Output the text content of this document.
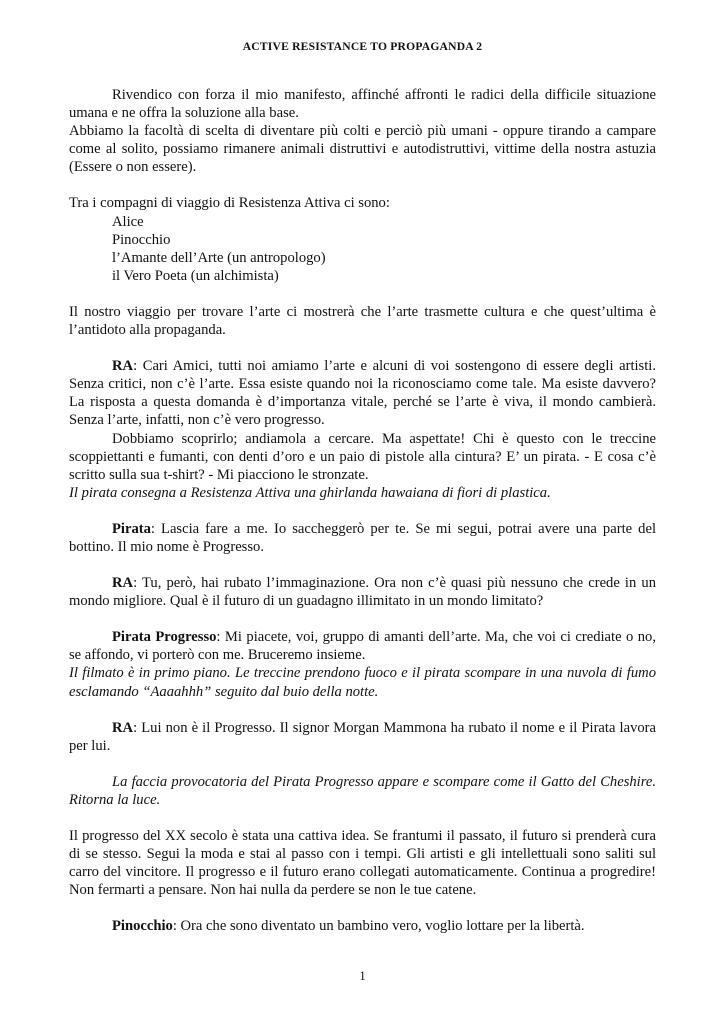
ACTIVE RESISTANCE TO PROPAGANDA 2

Rivendico con forza il mio manifesto, affinché affronti le radici della difficile situazione umana e ne offra la soluzione alla base.

Abbiamo la facoltà di scelta di diventare più colti e perciò più umani - oppure tirando a campare come al solito, possiamo rimanere animali distruttivi e autodistruttivi, vittime della nostra astuzia (Essere o non essere).

Tra i compagni di viaggio di Resistenza Attiva ci sono:

Alice
Pinocchio
l’Amante dell’Arte (un antropologo)
il Vero Poeta (un alchimista)

Il nostro viaggio per trovare l’arte ci mostrerà che l’arte trasmette cultura e che quest’ultima è l’antidoto alla propaganda.

RA: Cari Amici, tutti noi amiamo l’arte e alcuni di voi sostengono di essere degli artisti. Senza critici, non c’è l’arte. Essa esiste quando noi la riconosciamo come tale. Ma esiste davvero? La risposta a questa domanda è d’importanza vitale, perché se l’arte è viva, il mondo cambierà. Senza l’arte, infatti, non c’è vero progresso.

Dobbiamo scoprirlo; andiamola a cercare. Ma aspettate! Chi è questo con le treccine scoppiettanti e fumanti, con denti d’oro e un paio di pistole alla cintura? E’ un pirata. - E cosa c’è scritto sulla sua t-shirt? - Mi piacciono le stronzate.

Il pirata consegna a Resistenza Attiva una ghirlanda hawaiana di fiori di plastica.

Pirata: Lascia fare a me. Io saccheggerò per te. Se mi segui, potrai avere una parte del bottino. Il mio nome è Progresso.

RA: Tu, però, hai rubato l’immaginazione. Ora non c’è quasi più nessuno che crede in un mondo migliore. Qual è il futuro di un guadagno illimitato in un mondo limitato?

Pirata Progresso: Mi piacete, voi, gruppo di amanti dell’arte. Ma, che voi ci crediate o no, se affondo, vi porterò con me. Bruceremo insieme.

Il filmato è in primo piano. Le treccine prendono fuoco e il pirata scompare in una nuvola di fumo esclamando “Aaaahhh” seguito dal buio della notte.

RA: Lui non è il Progresso. Il signor Morgan Mammona ha rubato il nome e il Pirata lavora per lui.

La faccia provocatoria del Pirata Progresso appare e scompare come il Gatto del Cheshire. Ritorna la luce.

Il progresso del XX secolo è stata una cattiva idea. Se frantumi il passato, il futuro si prenderà cura di se stesso. Segui la moda e stai al passo con i tempi. Gli artisti e gli intellettuali sono saliti sul carro del vincitore. Il progresso e il futuro erano collegati automaticamente. Continua a progredire! Non fermarti a pensare. Non hai nulla da perdere se non le tue catene.

Pinocchio: Ora che sono diventato un bambino vero, voglio lottare per la libertà.

1
